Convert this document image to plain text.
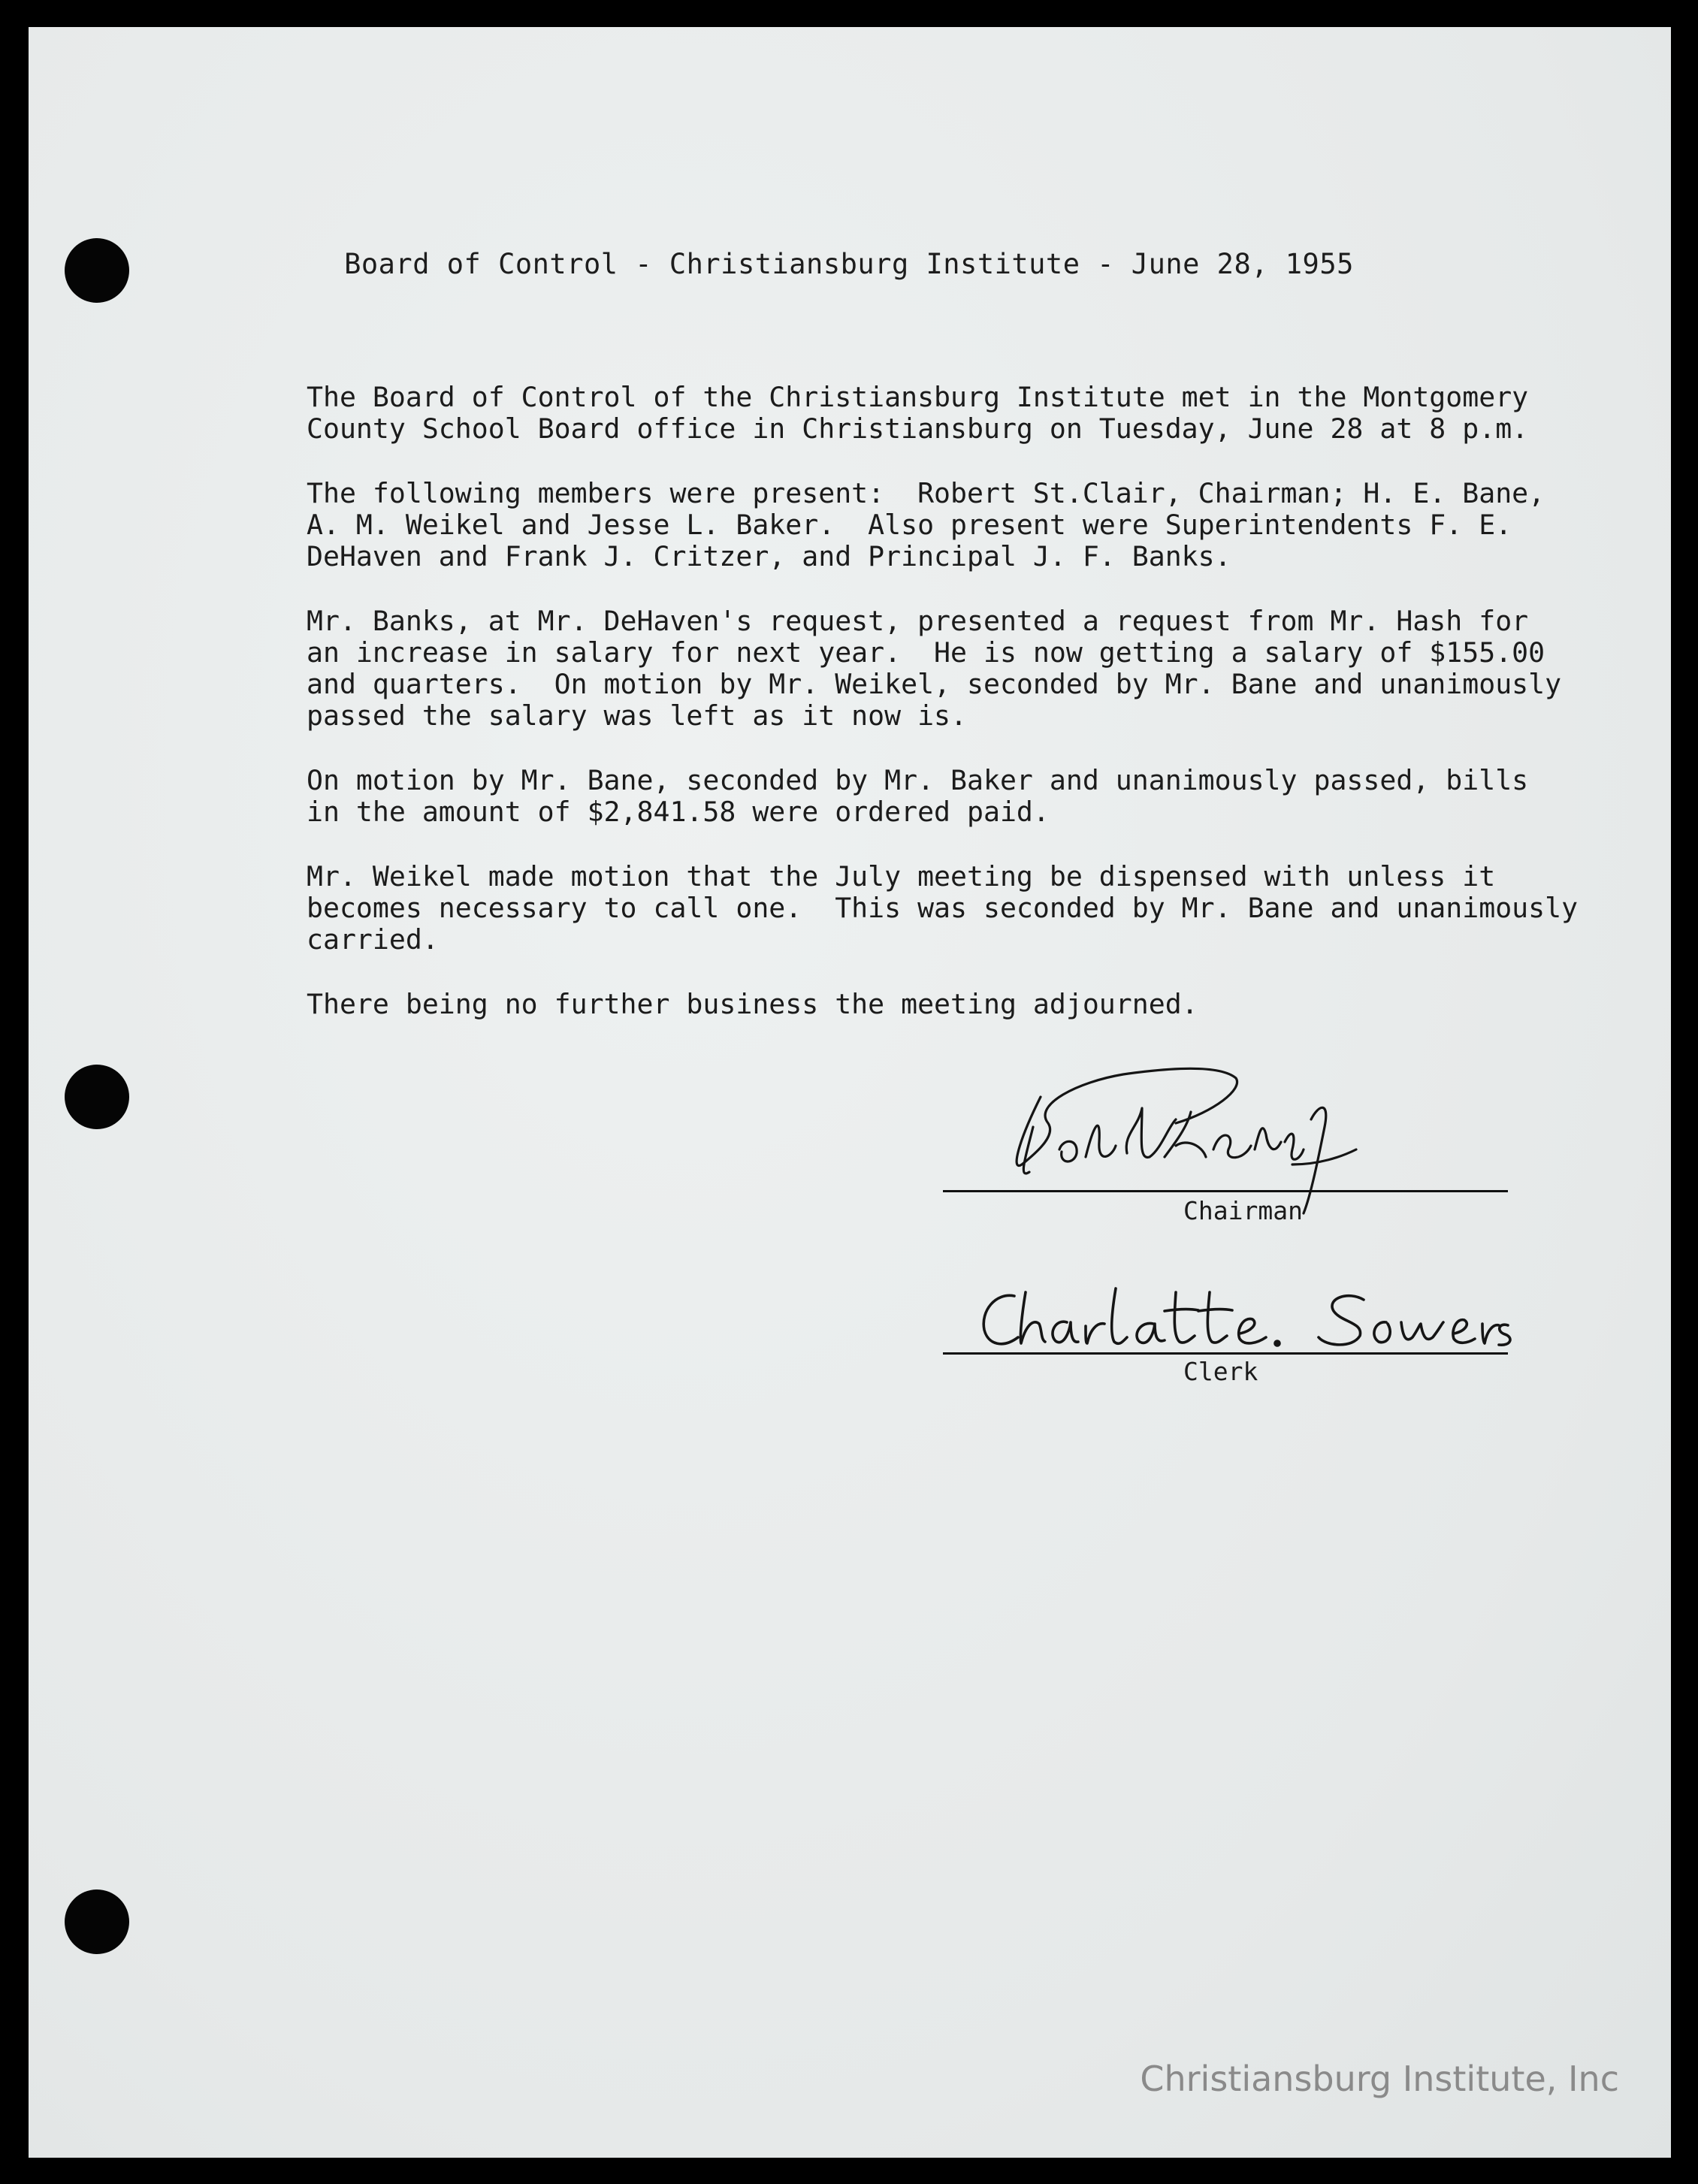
Board of Control - Christiansburg Institute - June 28, 1955

The Board of Control of the Christiansburg Institute met in the Montgomery
County School Board office in Christiansburg on Tuesday, June 28 at 8 p.m.

The following members were present:  Robert St.Clair, Chairman; H. E. Bane,
A. M. Weikel and Jesse L. Baker.  Also present were Superintendents F. E.
DeHaven and Frank J. Critzer, and Principal J. F. Banks.

Mr. Banks, at Mr. DeHaven's request, presented a request from Mr. Hash for
an increase in salary for next year.  He is now getting a salary of $155.00
and quarters.  On motion by Mr. Weikel, seconded by Mr. Bane and unanimously
passed the salary was left as it now is.

On motion by Mr. Bane, seconded by Mr. Baker and unanimously passed, bills
in the amount of $2,841.58 were ordered paid.

Mr. Weikel made motion that the July meeting be dispensed with unless it
becomes necessary to call one.  This was seconded by Mr. Bane and unanimously
carried.

There being no further business the meeting adjourned.

Chairman
Clerk
Christiansburg Institute, Inc
